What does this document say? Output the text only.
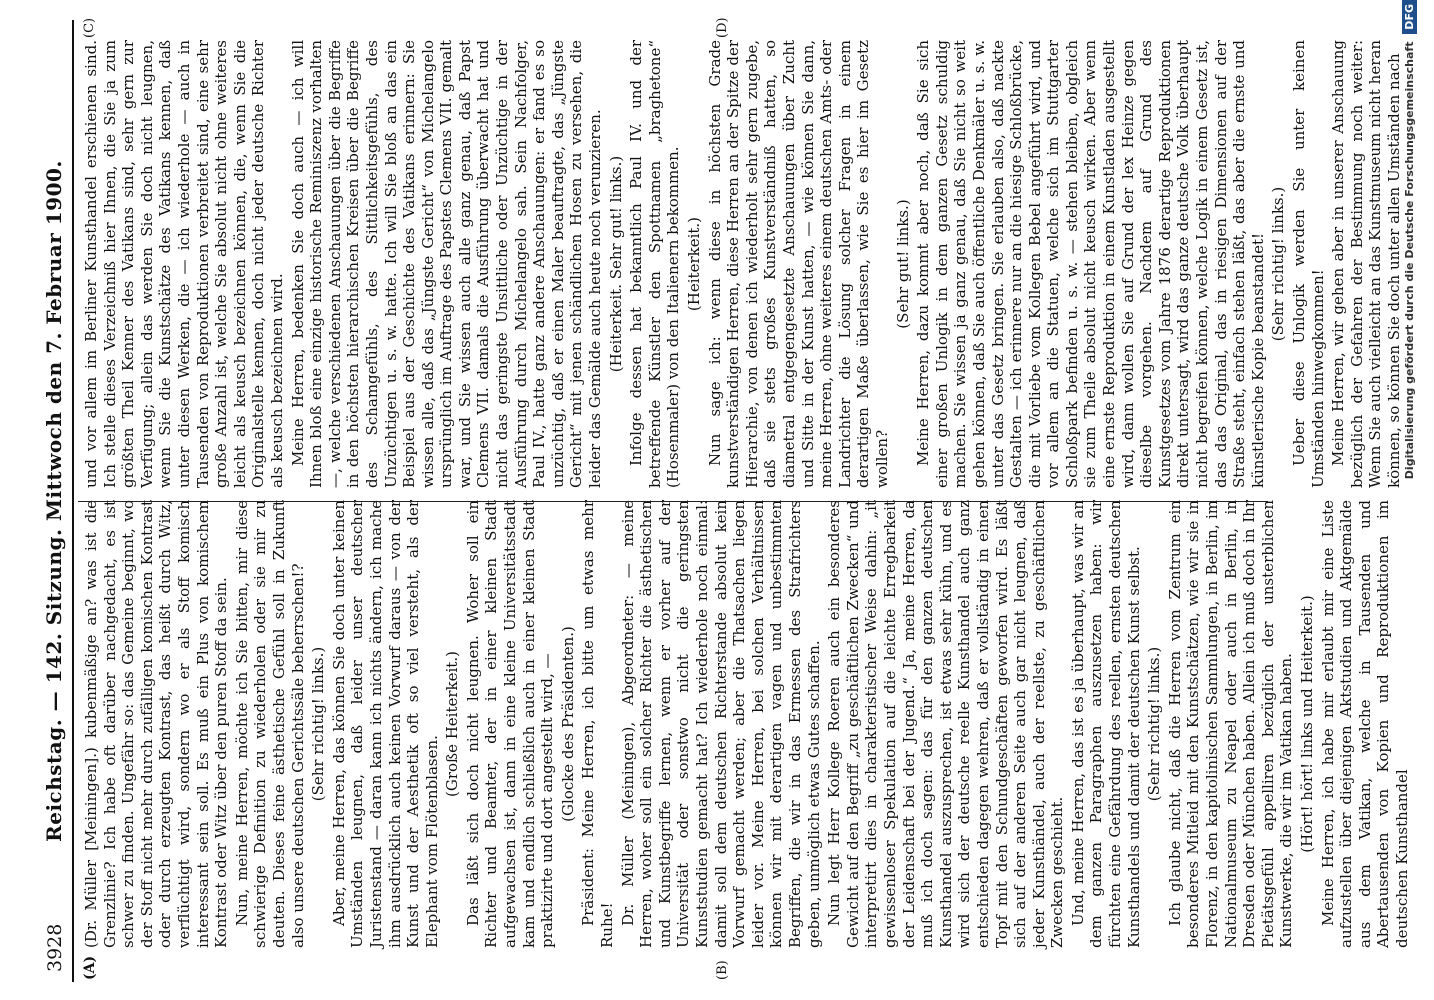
3928
Reichstag. — 142. Sitzung. Mittwoch den 7. Februar 1900.
(A)	(B)
(C)	(D)

(Dr. Müller [Meiningen].) kubenmäßige an? was ist die Grenzlinie? Ich habe oft darüber nachgedacht, es ist schwer zu finden. Ungefähr so: das Gemeine beginnt, wo der Stoff nicht mehr durch zufälligen komischen Kontrast oder durch erzeugten Kontrast, das heißt durch Witz, verflüchtigt wird, sondern wo er als Stoff komisch interessant sein soll. Es muß ein Plus von komischem Kontrast oder Witz über den puren Stoff da sein. Nun, meine Herren, möchte ich Sie bitten, mir diese schwierige Definition zu wiederholen oder sie mir zu deuten. Dieses feine ästhetische Gefühl soll in Zukunft also unsere deutschen Gerichtssäle beherrschen!? (Sehr richtig! links.) Aber, meine Herren, das können Sie doch unter keinen Umständen leugnen, daß leider unser deutscher Juristenstand — daran kann ich nichts ändern, ich mache ihm ausdrücklich auch keinen Vorwurf daraus — von der Kunst und der Aesthetik oft so viel versteht, als der Elephant vom Flötenblasen.

(Große Heiterkeit.) Das läßt sich doch nicht leugnen. Woher soll ein Richter und Beamter, der in einer kleinen Stadt aufgewachsen ist, dann in eine kleine Universitätsstadt kam und endlich schließlich auch in einer kleinen Stadt praktizirte und dort angestellt wird, — (Glocke des Präsidenten.) Präsident: Meine Herren, ich bitte um etwas mehr Ruhe! Dr. Müller (Meiningen), Abgeordneter: — meine Herren, woher soll ein solcher Richter die ästhetischen und Kunstbegriffe lernen, wenn er vorher auf der Universität oder sonstwo nicht die geringsten Kunststudien gemacht hat? Ich wiederhole noch einmal: damit soll dem deutschen Richterstande absolut kein Vorwurf gemacht werden; aber die Thatsachen liegen leider vor. Meine Herren, bei solchen Verhältnissen können wir mit derartigen vagen und unbestimmten Begriffen, die wir in das Ermessen des Strafrichters geben, unmöglich etwas Gutes schaffen. Nun legt Herr Kollege Roeren auch ein besonderes Gewicht auf den Begriff „zu geschäftlichen Zwecken“ und interpretirt dies in charakteristischer Weise dahin: „it gewissenloser Spekulation auf die leichte Erregbarkeit der Leidenschaft bei der Jugend.“ Ja, meine Herren, da muß ich doch sagen: das für den ganzen deutschen Kunsthandel auszusprechen, ist etwas sehr kühn, und es wird sich der deutsche reelle Kunsthandel auch ganz entschieden dagegen wehren, daß er vollständig in einen Topf mit den Schundgeschäften geworfen wird. Es läßt sich auf der anderen Seite auch gar nicht leugnen, daß jeder Kunsthändel, auch der reellste, zu geschäftlichen Zwecken geschieht. Und, meine Herren, das ist es ja überhaupt, was wir an dem ganzen Paragraphen auszusetzen haben: wir fürchten eine Gefährdung des reellen, ernsten deutschen Kunsthandels und damit der deutschen Kunst selbst. (Sehr richtig! links.) Ich glaube nicht, daß die Herren vom Zentrum ein besonderes Mitleid mit den Kunstschätzen, wie wir sie in Florenz, in den kapitolinischen Sammlungen, in Berlin, im Nationalmuseum zu Neapel oder auch in Berlin, in Dresden oder München haben. Allein ich muß doch in Ihr Pietätsgefühl appelliren bezüglich der unsterblichen Kunstwerke, die wir im Vatikan haben. (Hört! hört! links und Heiterkeit.) Meine Herren, ich habe mir erlaubt mir eine Liste aufzustellen über diejenigen Aktstudien und Aktgemälde aus dem Vatikan, welche in Tausenden und Abertausenden von Kopien und Reproduktionen im deutschen Kunsthandel

und vor allem im Berliner Kunsthandel erschienen sind. Ich stelle dieses Verzeichniß hier Ihnen, die Sie ja zum größten Theil Kenner des Vatikans sind, sehr gern zur Verfügung; allein das werden Sie doch nicht leugnen, wenn Sie die Kunstschätze des Vatikans kennen, daß unter diesen Werken, die — ich wiederhole — auch in Tausenden von Reproduktionen verbreitet sind, eine sehr große Anzahl ist, welche Sie absolut nicht ohne weiteres leicht als keusch bezeichnen können, die, wenn Sie die Originalstelle kennen, doch nicht jeder deutsche Richter als keusch bezeichnen wird. Meine Herren, bedenken Sie doch auch — ich will Ihnen bloß eine einzige historische Reminiszenz vorhalten —, welche verschiedenen Anschauungen über die Begriffe in den höchsten hierarchischen Kreisen über die Begriffe des Schamgefühls, des Sittlichkeitsgefühls, des Unzüchtigen u. s. w. hatte. Ich will Sie bloß an das ein Beispiel aus der Geschichte des Vatikans erinnern: Sie wissen alle, daß das „Jüngste Gericht“ von Michelangelo ursprünglich im Auftrage des Papstes Clemens VII. gemalt war, und Sie wissen auch alle ganz genau, daß Papst Clemens VII. damals die Ausführung überwacht hat und nicht das geringste Unsittliche oder Unzüchtige in der Ausführung durch Michelangelo sah. Sein Nachfolger, Paul IV., hatte ganz andere Anschauungen: er fand es so unzüchtig, daß er einen Maler beauftragte, das „Jüngste Gericht“ mit jenen schändlichen Hosen zu versehen, die leider das Gemälde auch heute noch verunzieren. (Heiterkeit. Sehr gut! links.) Infolge dessen hat bekanntlich Paul IV. und der betreffende Künstler den Spottnamen „braghetone“ (Hosenmaler) von den Italienern bekommen. (Heiterkeit.) Nun sage ich: wenn diese in höchsten Grade kunstverständigen Herren, diese Herren an der Spitze der Hierarchie, von denen ich wiederholt sehr gern zugebe, daß sie stets großes Kunstverständniß hatten, so diametral entgegengesetzte Anschauungen über Zucht und Sitte in der Kunst hatten, — wie können Sie dann, meine Herren, ohne weiteres einem deutschen Amts- oder Landrichter die Lösung solcher Fragen in einem derartigen Maße überlassen, wie Sie es hier im Gesetz wollen?

(Sehr gut! links.) Meine Herren, dazu kommt aber noch, daß Sie sich einer großen Unlogik in dem ganzen Gesetz schuldig machen. Sie wissen ja ganz genau, daß Sie nicht so weit gehen können, daß Sie auch öffentliche Denkmäler u. s. w. unter das Gesetz bringen. Sie erlauben also, daß nackte Gestalten — ich erinnere nur an die hiesige Schloßbrücke, die mit Vorliebe vom Kollegen Bebel angeführt wird, und vor allem an die Statuen, welche sich im Stuttgarter Schloßpark befinden u. s. w. — stehen bleiben, obgleich sie zum Theile absolut nicht keusch wirken. Aber wenn eine ernste Reproduktion in einem Kunstladen ausgestellt wird, dann wollen Sie auf Grund der lex Heinze gegen dieselbe vorgehen. Nachdem auf Grund des Kunstgesetzes vom Jahre 1876 derartige Reproduktionen direkt untersagt, wird das ganze deutsche Volk überhaupt nicht begreifen können, welche Logik in einem Gesetz ist, das das Original, das in riesigen Dimensionen auf der Straße steht, einfach stehen läßt, das aber die ernste und künstlerische Kopie beanstandet! (Sehr richtig! links.) Ueber diese Unlogik werden Sie unter keinen Umständen hinwegkommen! Meine Herren, wir gehen aber in unserer Anschauung bezüglich der Gefahren der Bestimmung noch weiter: Wenn Sie auch vielleicht an das Kunstmuseum nicht heran können, so können Sie doch unter allen Umständen nach Digitalisierung gefördert durch die Deutsche Forschungsgemeinschaft DFG
